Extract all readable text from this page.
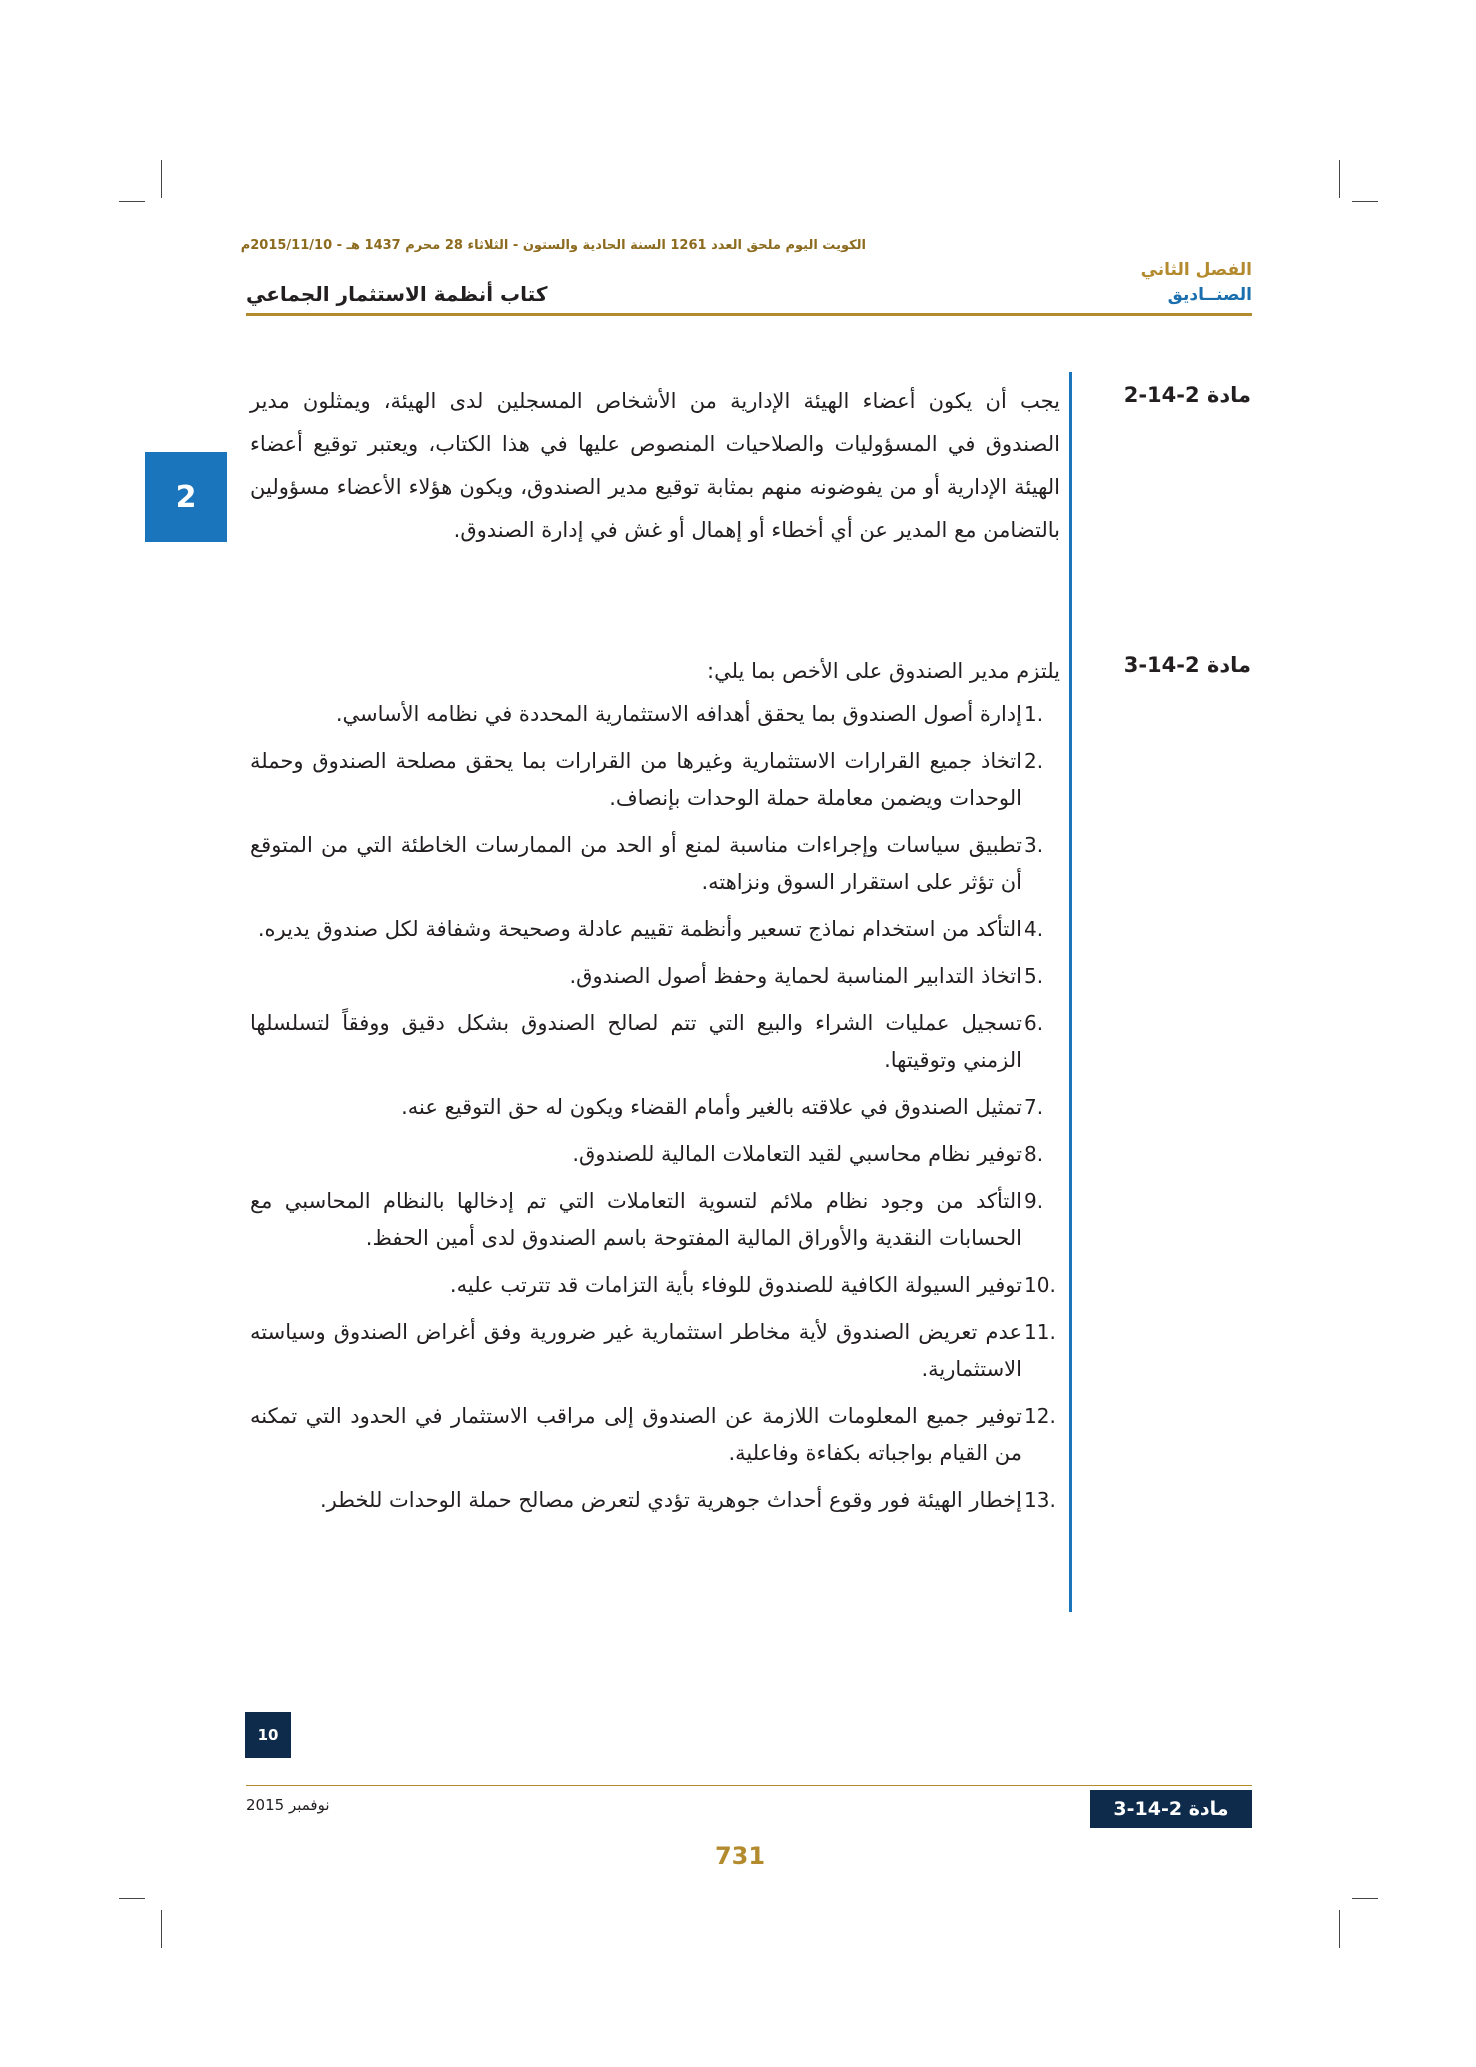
الكويت اليوم ملحق العدد 1261 السنة الحادية والستون - الثلاثاء 28 محرم 1437 هـ - 2015/11/10م
الفصل الثاني
الصنــاديق
كتاب أنظمة الاستثمار الجماعي
2
مادة 2-14-2
يجب أن يكون أعضاء الهيئة الإدارية من الأشخاص المسجلين لدى الهيئة، ويمثلون مدير الصندوق في المسؤوليات والصلاحيات المنصوص عليها في هذا الكتاب، ويعتبر توقيع أعضاء الهيئة الإدارية أو من يفوضونه منهم بمثابة توقيع مدير الصندوق، ويكون هؤلاء الأعضاء مسؤولين بالتضامن مع المدير عن أي أخطاء أو إهمال أو غش في إدارة الصندوق.
مادة 3-14-2
يلتزم مدير الصندوق على الأخص بما يلي:
1.
إدارة أصول الصندوق بما يحقق أهدافه الاستثمارية المحددة في نظامه الأساسي.
2.
اتخاذ جميع القرارات الاستثمارية وغيرها من القرارات بما يحقق مصلحة الصندوق وحملة الوحدات ويضمن معاملة حملة الوحدات بإنصاف.
3.
تطبيق سياسات وإجراءات مناسبة لمنع أو الحد من الممارسات الخاطئة التي من المتوقع أن تؤثر على استقرار السوق ونزاهته.
4.
التأكد من استخدام نماذج تسعير وأنظمة تقييم عادلة وصحيحة وشفافة لكل صندوق يديره.
5.
اتخاذ التدابير المناسبة لحماية وحفظ أصول الصندوق.
6.
تسجيل عمليات الشراء والبيع التي تتم لصالح الصندوق بشكل دقيق ووفقاً لتسلسلها الزمني وتوقيتها.
7.
تمثيل الصندوق في علاقته بالغير وأمام القضاء ويكون له حق التوقيع عنه.
8.
توفير نظام محاسبي لقيد التعاملات المالية للصندوق.
9.
التأكد من وجود نظام ملائم لتسوية التعاملات التي تم إدخالها بالنظام المحاسبي مع الحسابات النقدية والأوراق المالية المفتوحة باسم الصندوق لدى أمين الحفظ.
10.
توفير السيولة الكافية للصندوق للوفاء بأية التزامات قد تترتب عليه.
11.
عدم تعريض الصندوق لأية مخاطر استثمارية غير ضرورية وفق أغراض الصندوق وسياسته الاستثمارية.
12.
توفير جميع المعلومات اللازمة عن الصندوق إلى مراقب الاستثمار في الحدود التي تمكنه من القيام بواجباته بكفاءة وفاعلية.
13.
إخطار الهيئة فور وقوع أحداث جوهرية تؤدي لتعرض مصالح حملة الوحدات للخطر.
10
نوفمبر 2015	مادة

3-14-2
731
